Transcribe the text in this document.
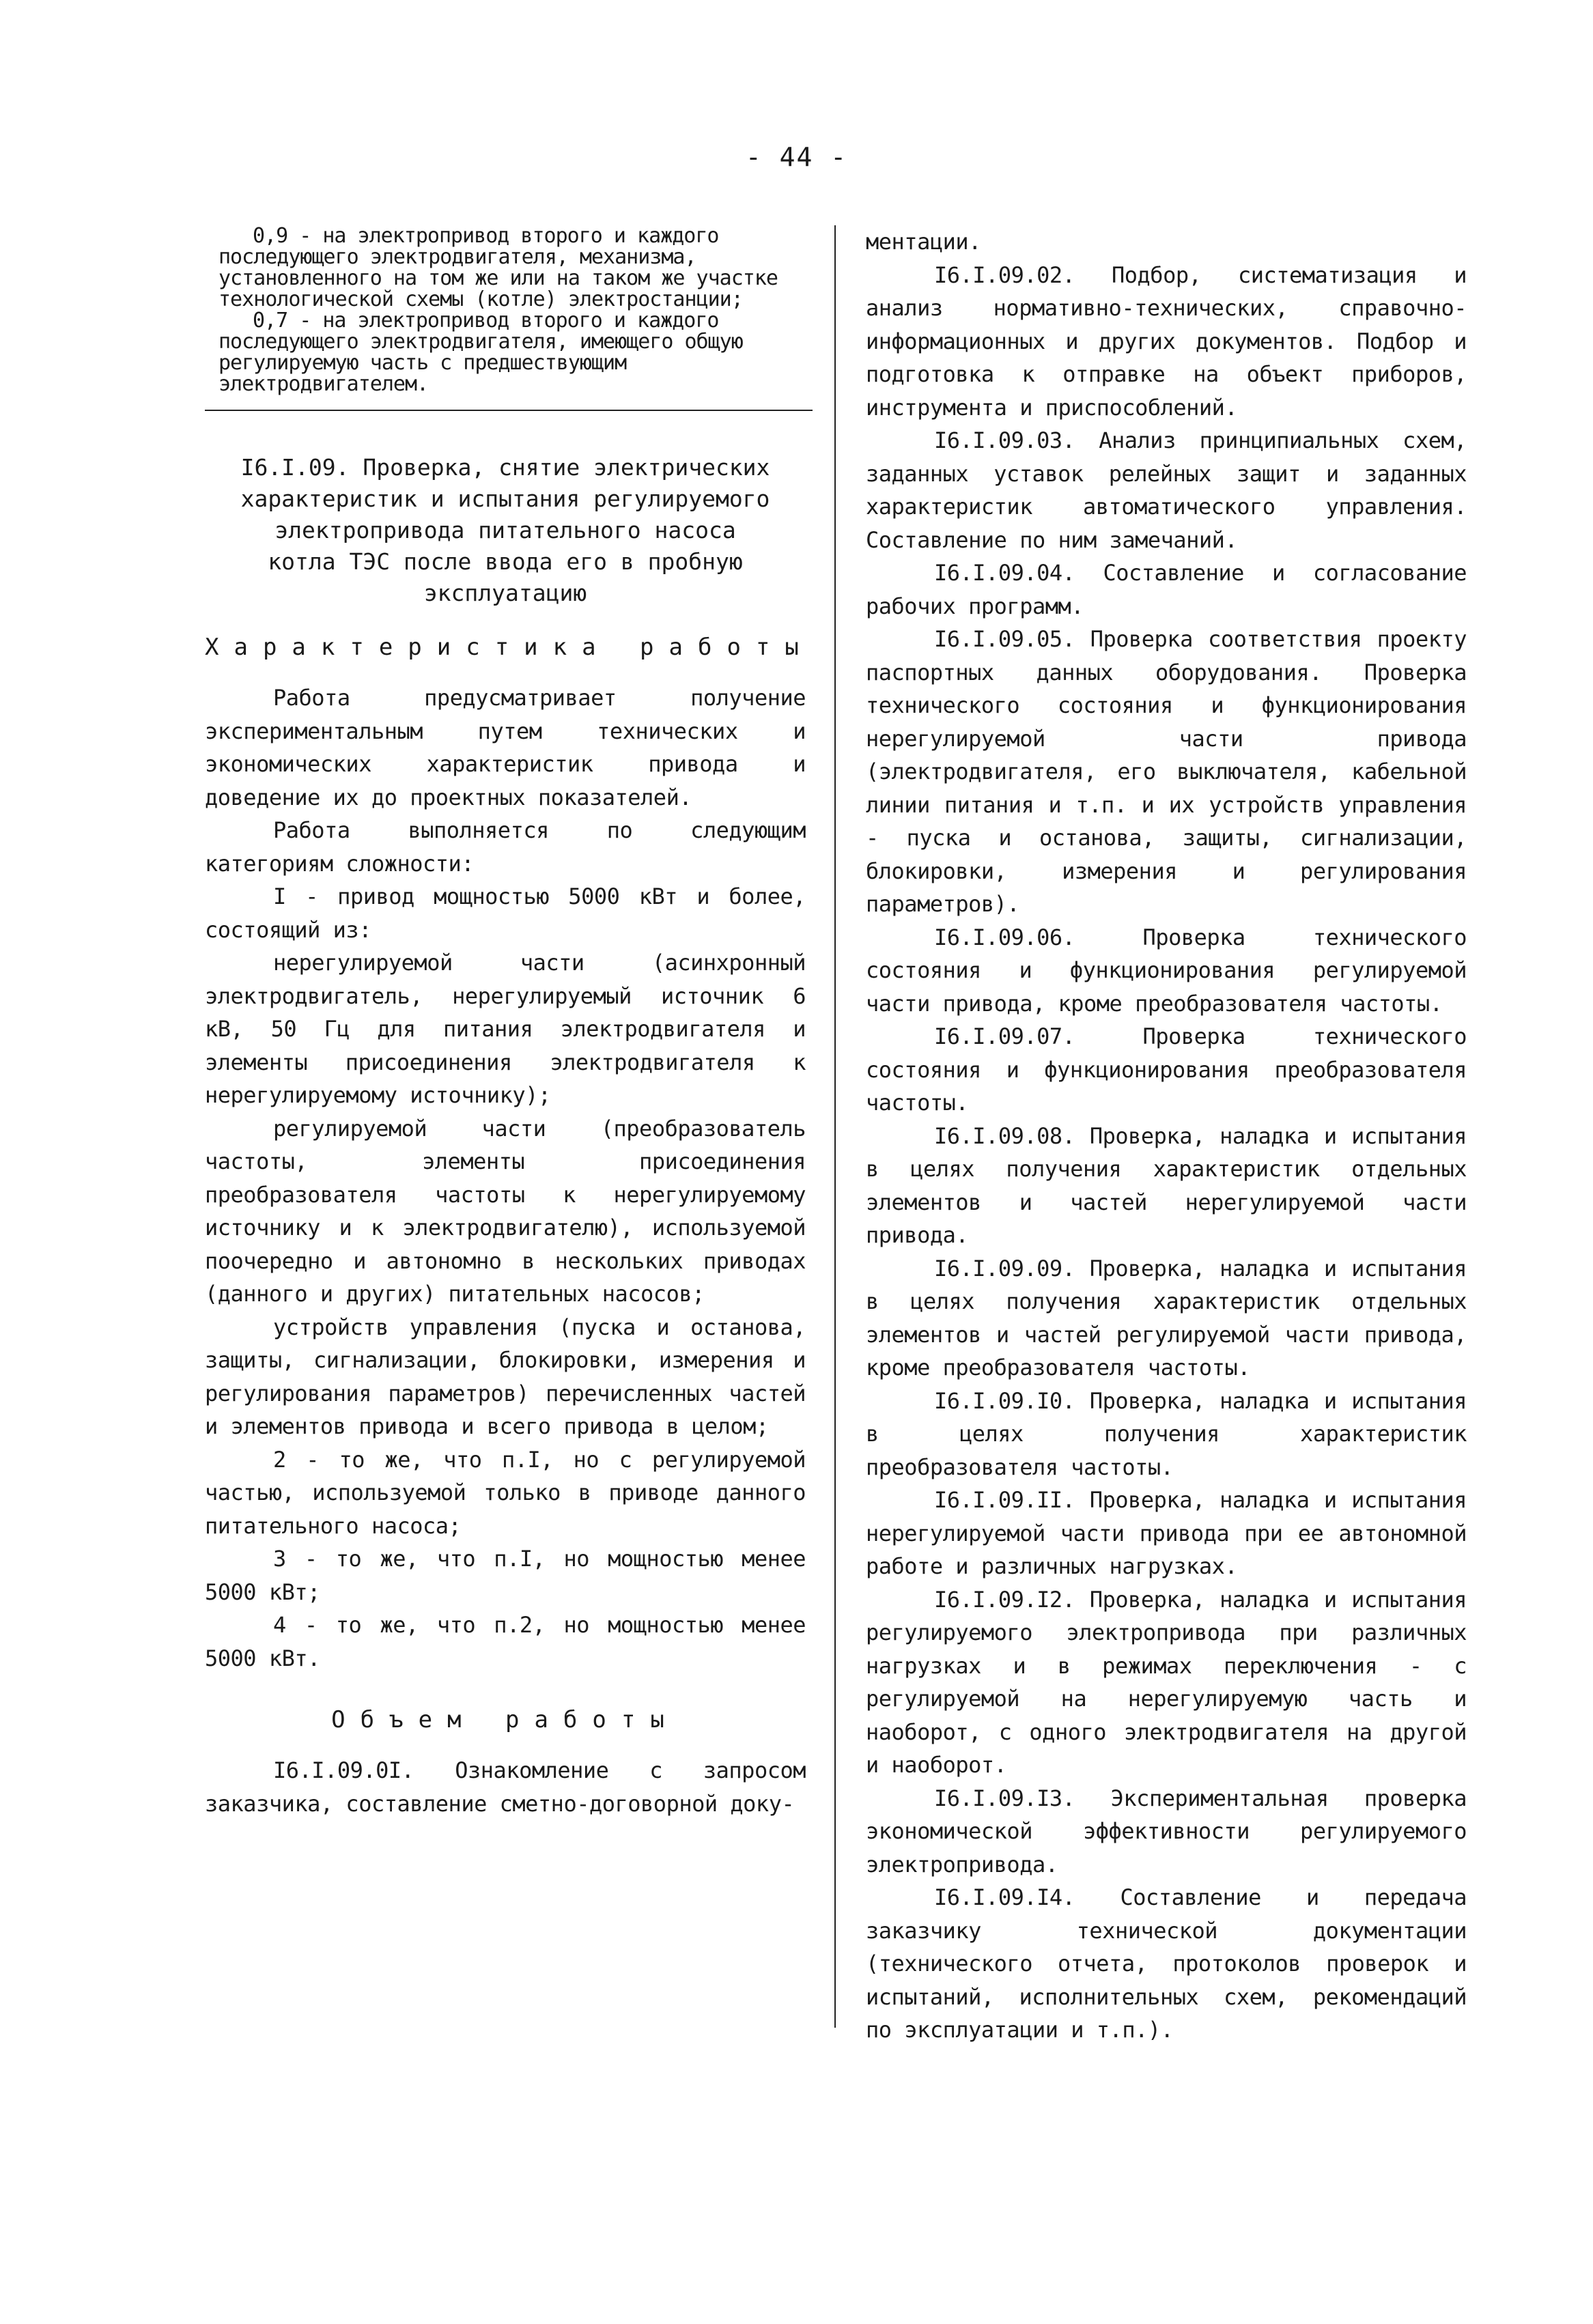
- 44 -

0,9 - на электропривод второго и каждого последующего электродвигателя, механизма, установленного на том же или на таком же участке технологической схемы (котле) электростанции;

0,7 - на электропривод второго и каждого последующего электродвигателя, имеющего общую регулируемую часть с предшествующим электродвигателем.

I6.I.09. Проверка, снятие электрических
характеристик и испытания регулируемого
электропривода питательного насоса
котла ТЭС после ввода его в пробную
эксплуатацию
Характеристика работы

Работа предусматривает получение экспериментальным путем технических и экономических характеристик привода и доведение их до проектных показателей.

Работа выполняется по следующим категориям сложности:

I - привод мощностью 5000 кВт и более, состоящий из:

нерегулируемой части (асинхронный электродвигатель, нерегулируемый источник 6 кВ, 50 Гц для питания электродвигателя и элементы присоединения электродвигателя к нерегулируемому источнику);

регулируемой части (преобразователь частоты, элементы присоединения преобразователя частоты к нерегулируемому источнику и к электродвигателю), используемой поочередно и автономно в нескольких приводах (данного и других) питательных насосов;

устройств управления (пуска и останова, защиты, сигнализации, блокировки, измерения и регулирования параметров) перечисленных частей и элементов привода и всего привода в целом;

2 - то же, что п.I, но с регулируемой частью, используемой только в приводе данного питательного насоса;

3 - то же, что п.I, но мощностью менее 5000 кВт;

4 - то же, что п.2, но мощностью менее 5000 кВт.

Объем работы

I6.I.09.0I. Ознакомление с запросом заказчика, составление сметно-договорной доку-

ментации.

I6.I.09.02. Подбор, систематизация и анализ нормативно-технических, справочно-информационных и других документов. Подбор и подготовка к отправке на объект приборов, инструмента и приспособлений.

I6.I.09.03. Анализ принципиальных схем, заданных уставок релейных защит и заданных характеристик автоматического управления. Составление по ним замечаний.

I6.I.09.04. Составление и согласование рабочих программ.

I6.I.09.05. Проверка соответствия проекту паспортных данных оборудования. Проверка технического состояния и функционирования нерегулируемой части привода (электродвигателя, его выключателя, кабельной линии питания и т.п. и их устройств управления - пуска и останова, защиты, сигнализации, блокировки, измерения и регулирования параметров).

I6.I.09.06. Проверка технического состояния и функционирования регулируемой части привода, кроме преобразователя частоты.

I6.I.09.07. Проверка технического состояния и функционирования преобразователя частоты.

I6.I.09.08. Проверка, наладка и испытания в целях получения характеристик отдельных элементов и частей нерегулируемой части привода.

I6.I.09.09. Проверка, наладка и испытания в целях получения характеристик отдельных элементов и частей регулируемой части привода, кроме преобразователя частоты.

I6.I.09.I0. Проверка, наладка и испытания в целях получения характеристик преобразователя частоты.

I6.I.09.II. Проверка, наладка и испытания нерегулируемой части привода при ее автономной работе и различных нагрузках.

I6.I.09.I2. Проверка, наладка и испытания регулируемого электропривода при различных нагрузках и в режимах переключения - с регулируемой на нерегулируемую часть и наоборот, с одного электродвигателя на другой и наоборот.

I6.I.09.I3. Экспериментальная проверка экономической эффективности регулируемого электропривода.

I6.I.09.I4. Составление и передача заказчику технической документации (технического отчета, протоколов проверок и испытаний, исполнительных схем, рекомендаций по эксплуатации и т.п.).
